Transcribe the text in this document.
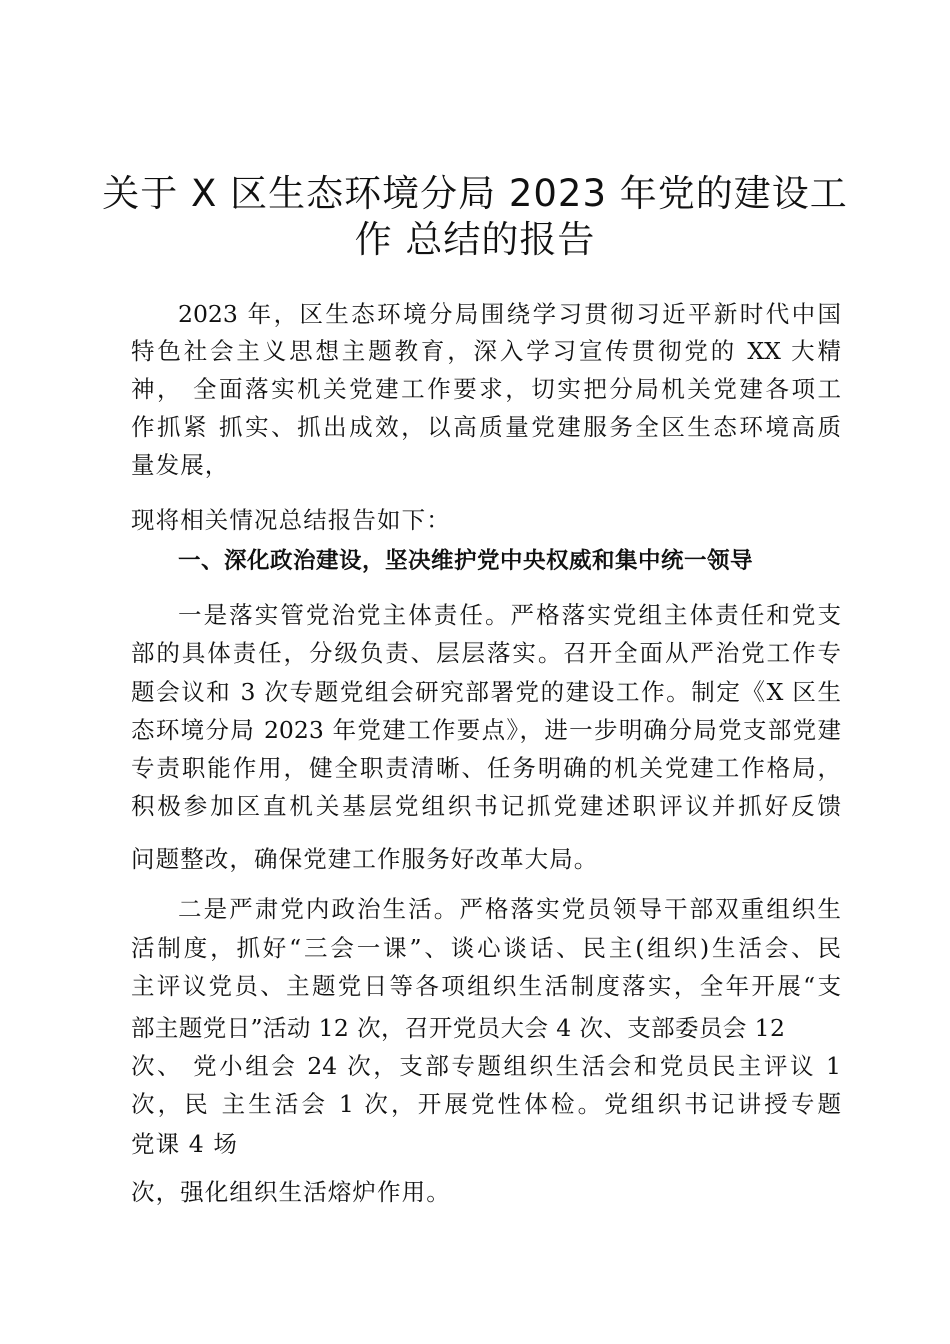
关于 X 区生态环境分局 2023 年党的建设工
作 总结的报告
2023 年，区生态环境分局围绕学习贯彻习近平新时代中国
特色社会主义思想主题教育，深入学习宣传贯彻党的 XX 大精
神， 全面落实机关党建工作要求，切实把分局机关党建各项工
作抓紧 抓实、抓出成效，以高质量党建服务全区生态环境高质
量发展，
现将相关情况总结报告如下：
一、深化政治建设，坚决维护党中央权威和集中统一领导
一是落实管党治党主体责任。严格落实党组主体责任和党支
部的具体责任，分级负责、层层落实。召开全面从严治党工作专
题会议和 3 次专题党组会研究部署党的建设工作。制定《X 区生
态环境分局 2023 年党建工作要点》，进一步明确分局党支部党建
专责职能作用，健全职责清晰、任务明确的机关党建工作格局，
积极参加区直机关基层党组织书记抓党建述职评议并抓好反馈
问题整改，确保党建工作服务好改革大局。
二是严肃党内政治生活。严格落实党员领导干部双重组织生
活制度，抓好“三会一课”、谈心谈话、民主(组织)生活会、民
主评议党员、主题党日等各项组织生活制度落实，全年开展“支
部主题党日”活动 12 次，召开党员大会 4 次、支部委员会 12
次、 党小组会 24 次，支部专题组织生活会和党员民主评议 1
次，民 主生活会 1 次，开展党性体检。党组织书记讲授专题
党课 4 场
次，强化组织生活熔炉作用。
